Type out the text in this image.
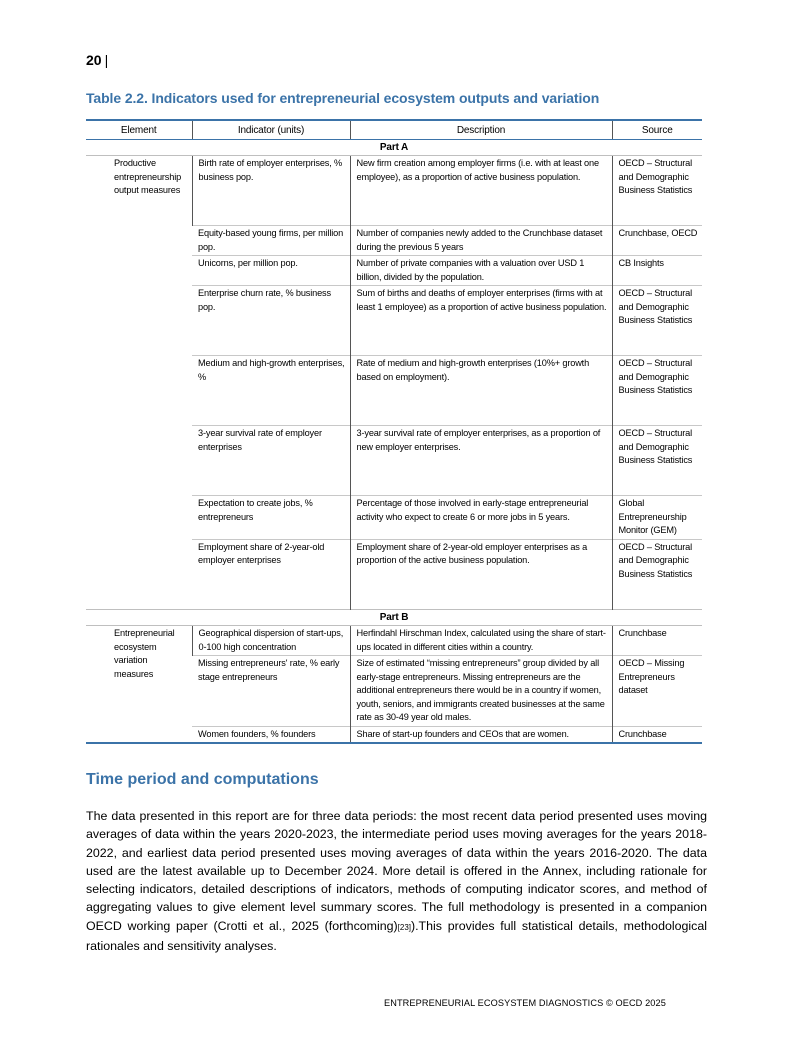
20 |
Table 2.2. Indicators used for entrepreneurial ecosystem outputs and variation
Element	Indicator (units)	Description	Source
Part A			
Productive entrepreneurship output measures	Birth rate of employer enterprises, % business pop.	New firm creation among employer firms (i.e. with at least one employee), as a proportion of active business population.	OECD – Structural and Demographic Business Statistics
	Equity-based young firms, per million pop.	Number of companies newly added to the Crunchbase dataset during the previous 5 years	Crunchbase, OECD
	Unicorns, per million pop.	Number of private companies with a valuation over USD 1 billion, divided by the population.	CB Insights
	Enterprise churn rate, % business pop.	Sum of births and deaths of employer enterprises (firms with at least 1 employee) as a proportion of active business population.	OECD – Structural and Demographic Business Statistics
	Medium and high-growth enterprises, %	Rate of medium and high-growth enterprises (10%+ growth based on employment).	OECD – Structural and Demographic Business Statistics
	3-year survival rate of employer enterprises	3-year survival rate of employer enterprises, as a proportion of new employer enterprises.	OECD – Structural and Demographic Business Statistics
	Expectation to create jobs, % entrepreneurs	Percentage of those involved in early-stage entrepreneurial activity who expect to create 6 or more jobs in 5 years.	Global Entrepreneurship Monitor (GEM)
	Employment share of 2-year-old employer enterprises	Employment share of 2-year-old employer enterprises as a proportion of the active business population.	OECD – Structural and Demographic Business Statistics
Part B			
Entrepreneurial ecosystem variation measures	Geographical dispersion of start-ups, 0-100 high concentration	Herfindahl Hirschman Index, calculated using the share of start-ups located in different cities within a country.	Crunchbase
	Missing entrepreneurs' rate, % early stage entrepreneurs	Size of estimated “missing entrepreneurs” group divided by all early-stage entrepreneurs. Missing entrepreneurs are the additional entrepreneurs there would be in a country if women, youth, seniors, and immigrants created businesses at the same rate as 30-49 year old males.	OECD – Missing Entrepreneurs dataset
	Women founders, % founders	Share of start-up founders and CEOs that are women.	Crunchbase
Time period and computations
The data presented in this report are for three data periods: the most recent data period presented uses moving averages of data within the years 2020-2023, the intermediate period uses moving averages for the years 2018-2022, and earliest data period presented uses moving averages of data within the years 2016-2020. The data used are the latest available up to December 2024. More detail is offered in the Annex, including rationale for selecting indicators, detailed descriptions of indicators, methods of computing indicator scores, and method of aggregating values to give element level summary scores. The full methodology is presented in a companion OECD working paper (Crotti et al., 2025 (forthcoming)[23]).This provides full statistical details, methodological rationales and sensitivity analyses.
ENTREPRENEURIAL ECOSYSTEM DIAGNOSTICS © OECD 2025
